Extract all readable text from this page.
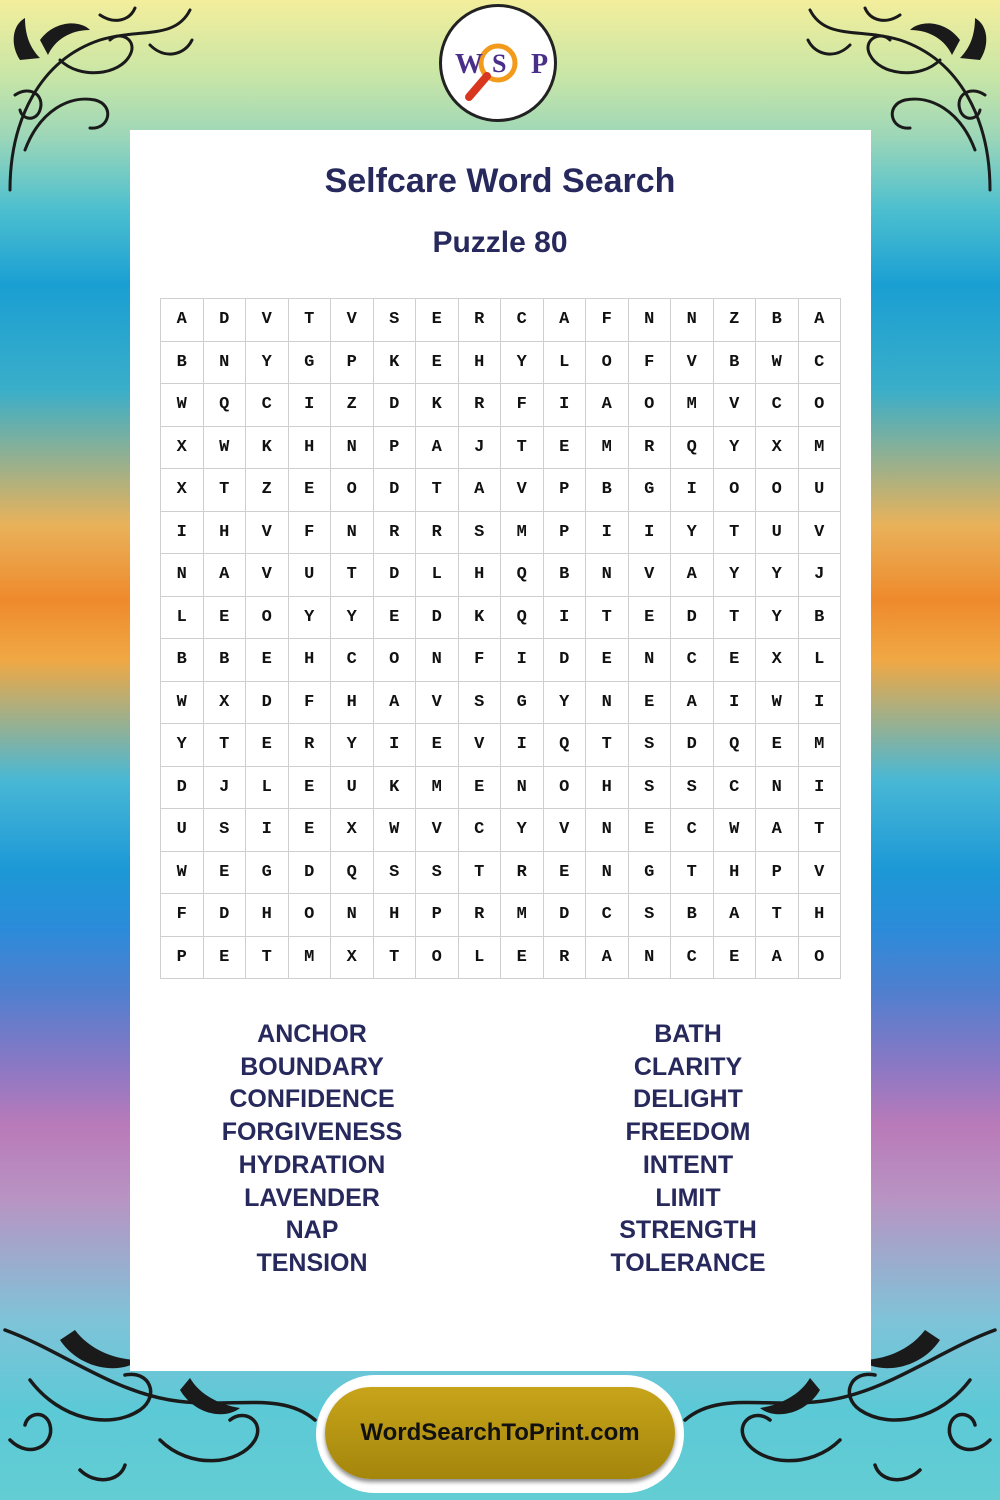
W S P
Selfcare Word Search
Puzzle 80
A	D	V	T	V	S	E	R	C	A	F	N	N	Z	B	A
B	N	Y	G	P	K	E	H	Y	L	O	F	V	B	W	C
W	Q	C	I	Z	D	K	R	F	I	A	O	M	V	C	O
X	W	K	H	N	P	A	J	T	E	M	R	Q	Y	X	M
X	T	Z	E	O	D	T	A	V	P	B	G	I	O	O	U
I	H	V	F	N	R	R	S	M	P	I	I	Y	T	U	V
N	A	V	U	T	D	L	H	Q	B	N	V	A	Y	Y	J
L	E	O	Y	Y	E	D	K	Q	I	T	E	D	T	Y	B
B	B	E	H	C	O	N	F	I	D	E	N	C	E	X	L
W	X	D	F	H	A	V	S	G	Y	N	E	A	I	W	I
Y	T	E	R	Y	I	E	V	I	Q	T	S	D	Q	E	M
D	J	L	E	U	K	M	E	N	O	H	S	S	C	N	I
U	S	I	E	X	W	V	C	Y	V	N	E	C	W	A	T
W	E	G	D	Q	S	S	T	R	E	N	G	T	H	P	V
F	D	H	O	N	H	P	R	M	D	C	S	B	A	T	H
P	E	T	M	X	T	O	L	E	R	A	N	C	E	A	O
ANCHOR
BOUNDARY
CONFIDENCE
FORGIVENESS
HYDRATION
LAVENDER
NAP
TENSION
BATH
CLARITY
DELIGHT
FREEDOM
INTENT
LIMIT
STRENGTH
TOLERANCE
WordSearchToPrint.com
